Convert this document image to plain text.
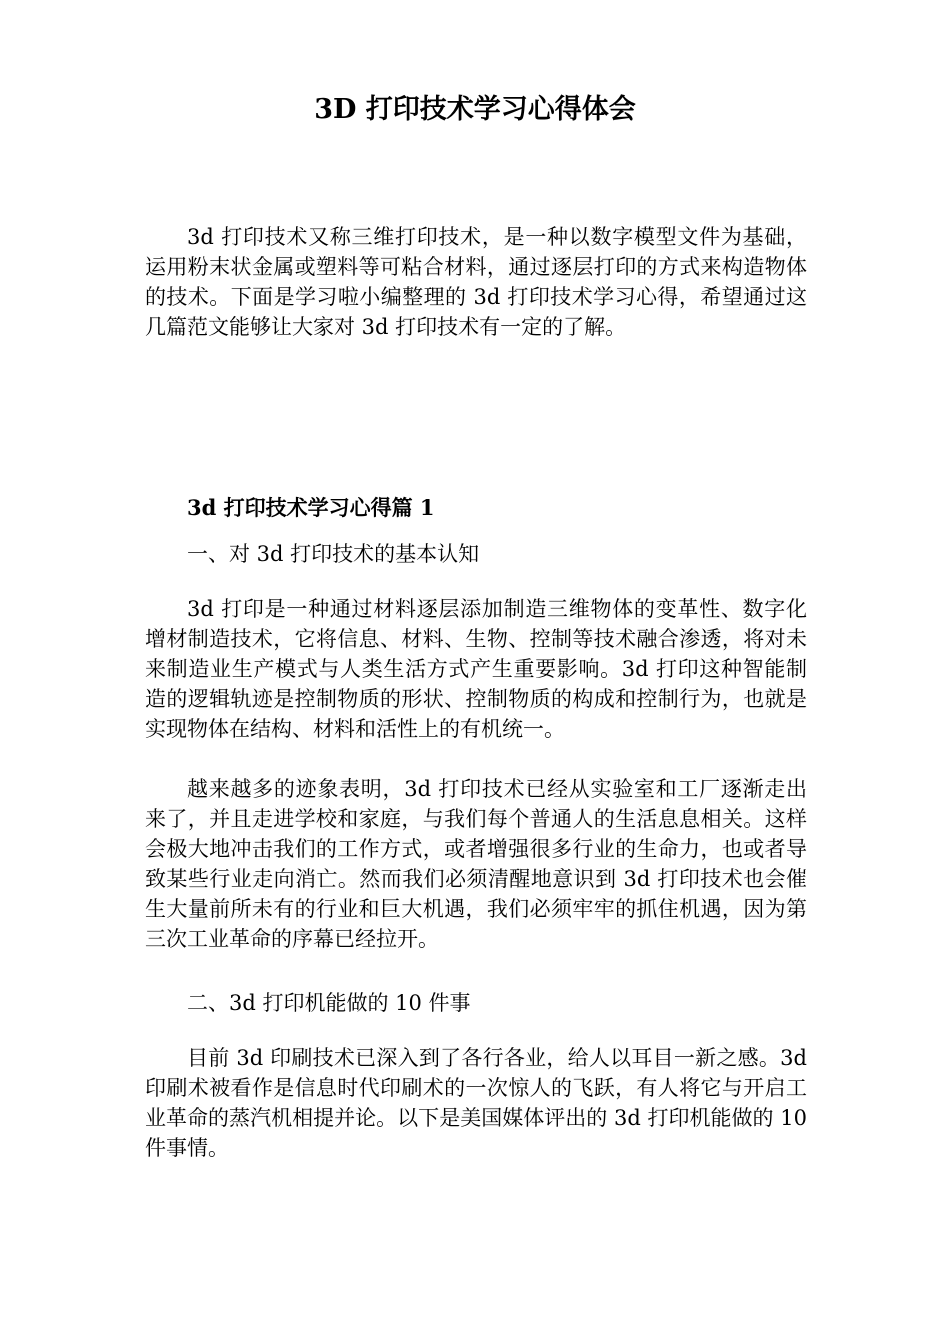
3D 打印技术学习心得体会

3d 打印技术又称三维打印技术，是一种以数字模型文件为基础，运用粉末状金属或塑料等可粘合材料，通过逐层打印的方式来构造物体的技术。下面是学习啦小编整理的 3d 打印技术学习心得，希望通过这几篇范文能够让大家对 3d 打印技术有一定的了解。

3d 打印技术学习心得篇 1

一、对 3d 打印技术的基本认知

3d 打印是一种通过材料逐层添加制造三维物体的变革性、数字化增材制造技术，它将信息、材料、生物、控制等技术融合渗透，将对未来制造业生产模式与人类生活方式产生重要影响。3d 打印这种智能制造的逻辑轨迹是控制物质的形状、控制物质的构成和控制行为，也就是实现物体在结构、材料和活性上的有机统一。

越来越多的迹象表明，3d 打印技术已经从实验室和工厂逐渐走出来了，并且走进学校和家庭，与我们每个普通人的生活息息相关。这样会极大地冲击我们的工作方式，或者增强很多行业的生命力，也或者导致某些行业走向消亡。然而我们必须清醒地意识到 3d 打印技术也会催生大量前所未有的行业和巨大机遇，我们必须牢牢的抓住机遇，因为第三次工业革命的序幕已经拉开。

二、3d 打印机能做的 10 件事

目前 3d 印刷技术已深入到了各行各业，给人以耳目一新之感。3d 印刷术被看作是信息时代印刷术的一次惊人的飞跃，有人将它与开启工业革命的蒸汽机相提并论。以下是美国媒体评出的 3d 打印机能做的 10 件事情。
